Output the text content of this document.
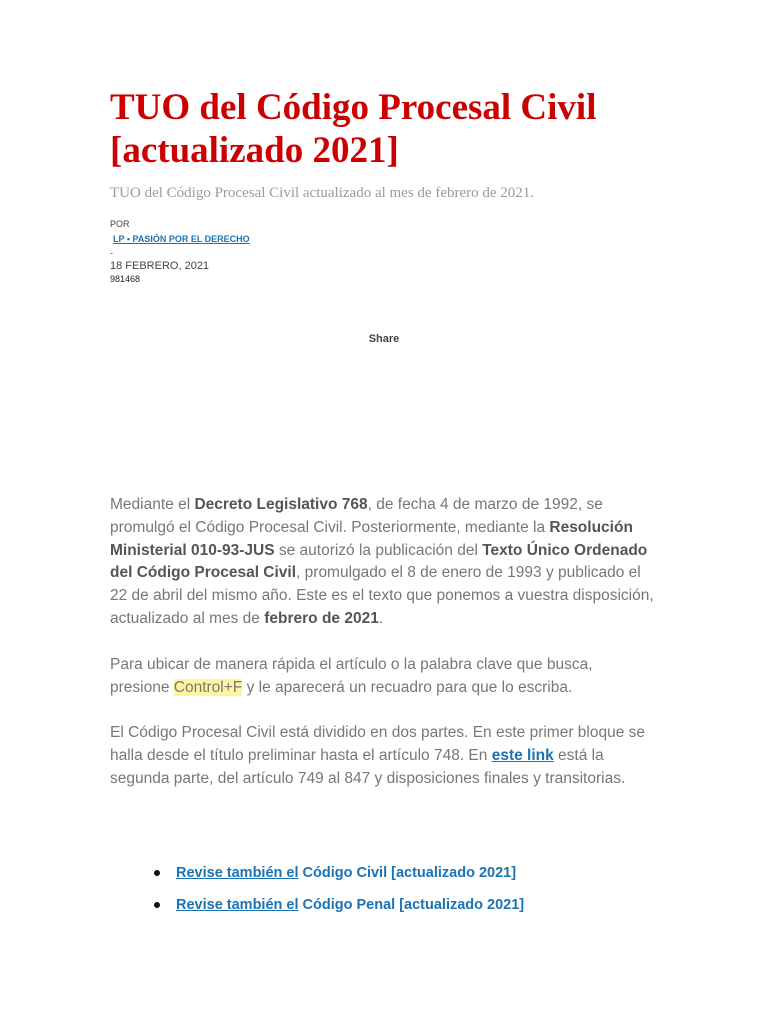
TUO del Código Procesal Civil [actualizado 2021]
TUO del Código Procesal Civil actualizado al mes de febrero de 2021.
POR
LP • PASIÓN POR EL DERECHO
-
18 FEBRERO, 2021
981468
Share

Mediante el Decreto Legislativo 768, de fecha 4 de marzo de 1992, se promulgó el Código Procesal Civil. Posteriormente, mediante la Resolución Ministerial 010-93-JUS se autorizó la publicación del Texto Único Ordenado del Código Procesal Civil, promulgado el 8 de enero de 1993 y publicado el 22 de abril del mismo año. Este es el texto que ponemos a vuestra disposición, actualizado al mes de febrero de 2021.

Para ubicar de manera rápida el artículo o la palabra clave que busca, presione Control+F y le aparecerá un recuadro para que lo escriba.

El Código Procesal Civil está dividido en dos partes. En este primer bloque se halla desde el título preliminar hasta el artículo 748. En este link está la segunda parte, del artículo 749 al 847 y disposiciones finales y transitorias.

Revise también el Código Civil [actualizado 2021]
Revise también el Código Penal [actualizado 2021]
